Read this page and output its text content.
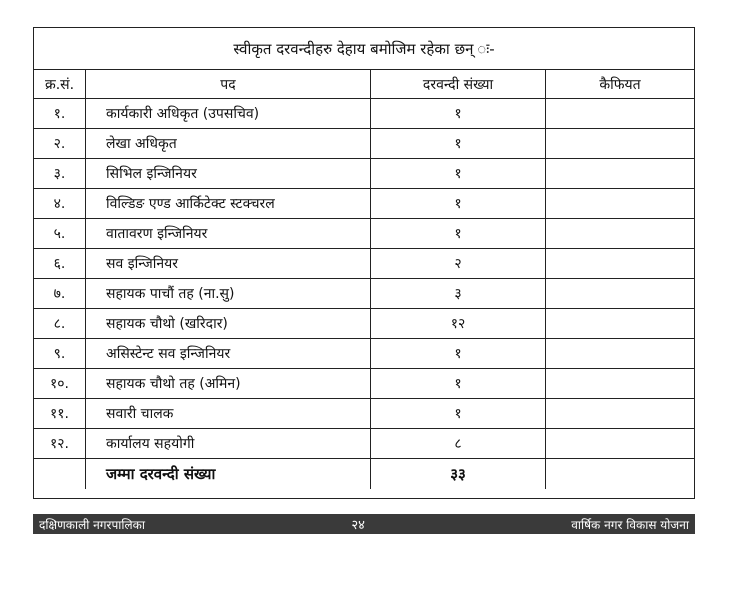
स्वीकृत दरवन्दीहरु देहाय बमोजिम रहेका छन् ः-
क्र.सं.	पद	दरवन्दी संख्या	कैफियत
१.	कार्यकारी अधिकृत (उपसचिव)	१	
२.	लेखा अधिकृत	१	
३.	सिभिल इन्जिनियर	१	
४.	विल्डिङ एण्ड आर्किटेक्ट स्टक्चरल	१	
५.	वातावरण इन्जिनियर	१	
६.	सव इन्जिनियर	२	
७.	सहायक पाचौं तह (ना.सु)	३	
८.	सहायक चौथो (खरिदार)	१२	
९.	असिस्टेन्ट सव इन्जिनियर	१	
१०.	सहायक चौथो तह (अमिन)	१	
११.	सवारी चालक	१	
१२.	कार्यालय सहयोगी	८	
	जम्मा दरवन्दी संख्या	३३	
दक्षिणकाली नगरपालिका	२४	वार्षिक नगर विकास योजना
